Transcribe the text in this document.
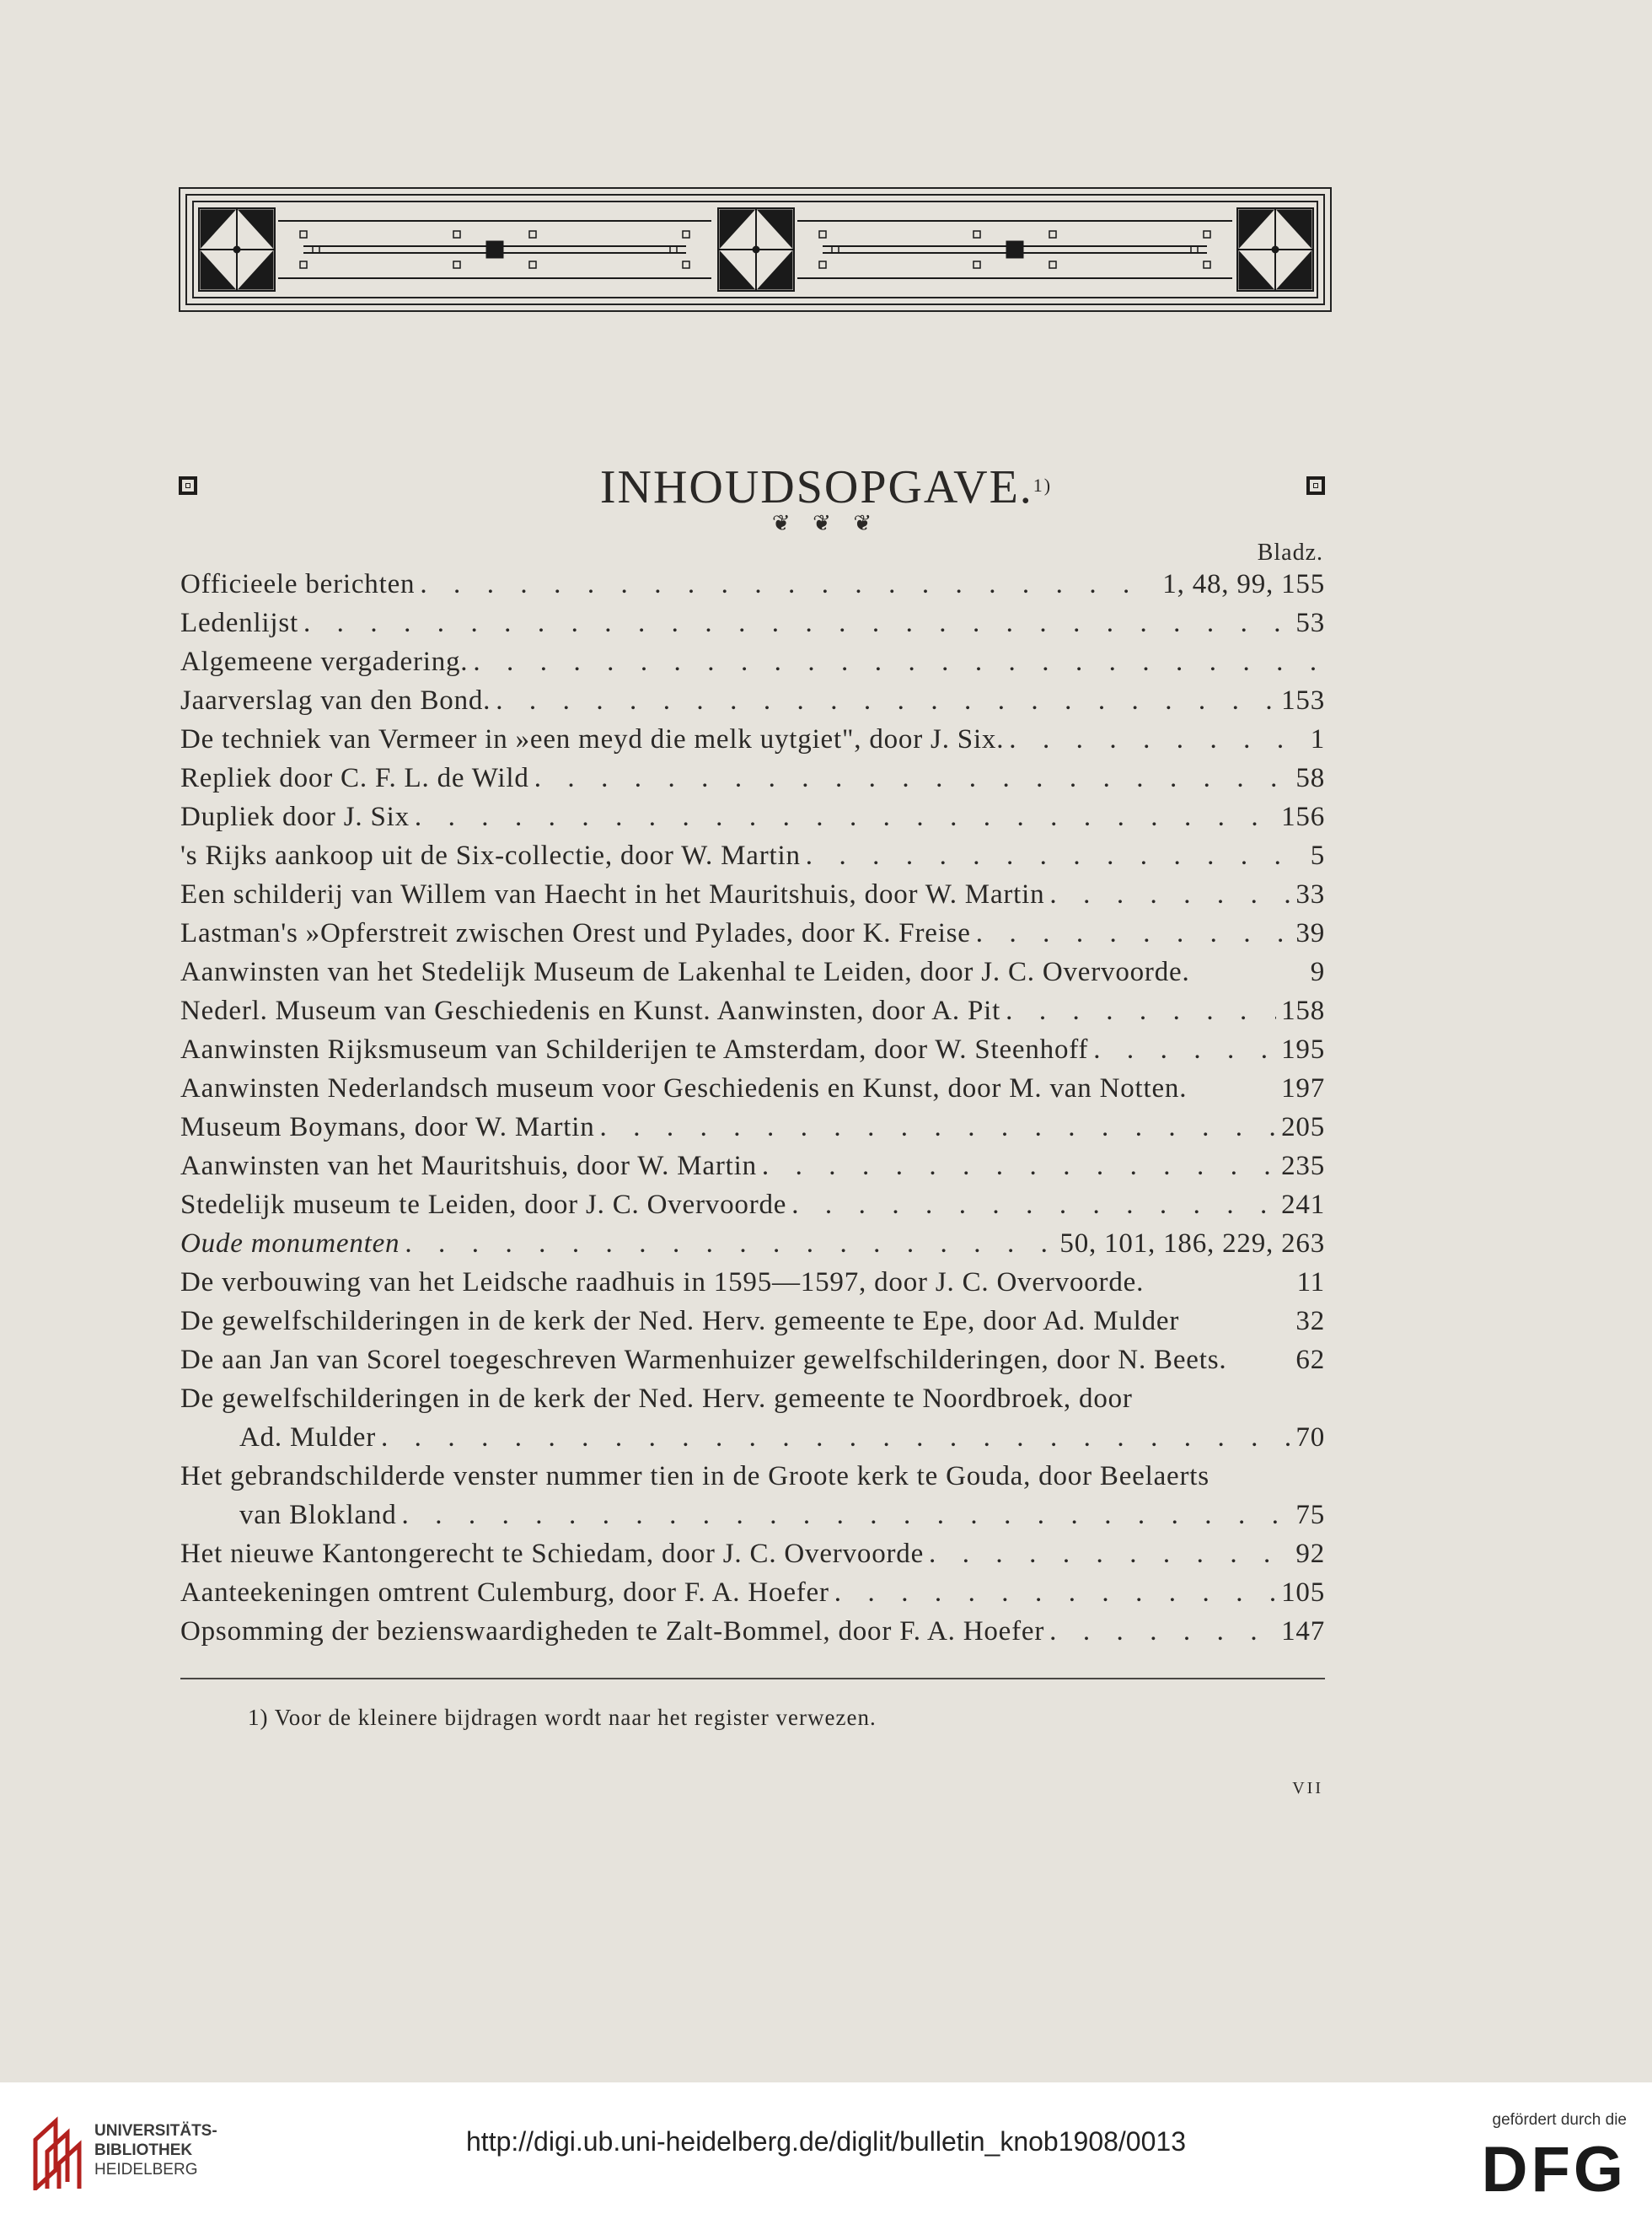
INHOUDSOPGAVE.$^{1)}$
❦ ❦ ❦
Bladz.
Officieele berichten . . .	1, 48, 99, 155
Ledenlijst . . .	53
Algemeene vergadering.
. . .
Jaarverslag van den Bond. . . .	153
De techniek van Vermeer in »een meyd die melk uytgiet", door J. Six. . . .	1
Repliek door C. F. L. de Wild . . .	58
Dupliek door J. Six . . .	156
's Rijks aankoop uit de Six-collectie, door W. Martin . . .	5
Een schilderij van Willem van Haecht in het Mauritshuis, door W. Martin . . .	33
Lastman's »Opferstreit zwischen Orest und Pylades, door K. Freise . . .	39
Aanwinsten van het Stedelijk Museum de Lakenhal te Leiden, door J. C. Overvoorde.	9
Nederl. Museum van Geschiedenis en Kunst. Aanwinsten, door A. Pit . . .	158
Aanwinsten Rijksmuseum van Schilderijen te Amsterdam, door W. Steenhoff . . .	195
Aanwinsten Nederlandsch museum voor Geschiedenis en Kunst, door M. van Notten.	197
Museum Boymans, door W. Martin . . .	205
Aanwinsten van het Mauritshuis, door W. Martin . . .	235
Stedelijk museum te Leiden, door J. C. Overvoorde . . .	241
Oude monumenten . . .	50, 101, 186, 229, 263
De verbouwing van het Leidsche raadhuis in 1595—1597, door J. C. Overvoorde.	11
De gewelfschilderingen in de kerk der Ned. Herv. gemeente te Epe, door Ad. Mulder	32
De aan Jan van Scorel toegeschreven Warmenhuizer gewelfschilderingen, door N. Beets. 62
De gewelfschilderingen in de kerk der Ned. Herv. gemeente te Noordbroek, door
Ad. Mulder . . .	70
Het gebrandschilderde venster nummer tien in de Groote kerk te Gouda, door Beelaerts
van Blokland . . .	75
Het nieuwe Kantongerecht te Schiedam, door J. C. Overvoorde . . .	92
Aanteekeningen omtrent Culemburg, door F. A. Hoefer . . .	105
Opsomming der bezienswaardigheden te Zalt-Bommel, door F. A. Hoefer . . .	147
1) Voor de kleinere bijdragen wordt naar het register verwezen.
VII
UNIVERSITÄTS-
BIBLIOTHEK
HEIDELBERG
http://digi.ub.uni-heidelberg.de/diglit/bulletin_knob1908/0013
gefördert durch die
DFG
